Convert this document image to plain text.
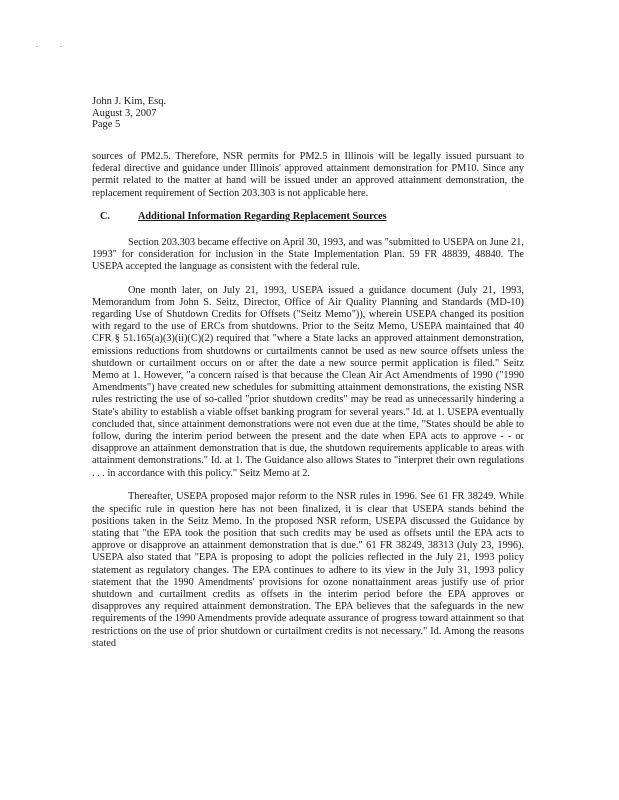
. .
John J. Kim, Esq.
August 3, 2007
Page 5

sources of PM2.5. Therefore, NSR permits for PM2.5 in Illinois will be legally issued pursuant to federal directive and guidance under Illinois' approved attainment demonstration for PM10. Since any permit related to the matter at hand will be issued under an approved attainment demonstration, the replacement requirement of Section 203.303 is not applicable here.

C.	Additional Information Regarding Replacement Sources

Section 203.303 became effective on April 30, 1993, and was "submitted to USEPA on June 21, 1993" for consideration for inclusion in the State Implementation Plan. 59 FR 48839, 48840. The USEPA accepted the language as consistent with the federal rule.

One month later, on July 21, 1993, USEPA issued a guidance document (July 21, 1993, Memorandum from John S. Seitz, Director, Office of Air Quality Planning and Standards (MD-10) regarding Use of Shutdown Credits for Offsets ("Seitz Memo")), wherein USEPA changed its position with regard to the use of ERCs from shutdowns. Prior to the Seitz Memo, USEPA maintained that 40 CFR § 51.165(a)(3)(ii)(C)(2) required that "where a State lacks an approved attainment demonstration, emissions reductions from shutdowns or curtailments cannot be used as new source offsets unless the shutdown or curtailment occurs on or after the date a new source permit application is filed." Seitz Memo at 1. However, "a concern raised is that because the Clean Air Act Amendments of 1990 ("1990 Amendments") have created new schedules for submitting attainment demonstrations, the existing NSR rules restricting the use of so-called "prior shutdown credits" may be read as unnecessarily hindering a State's ability to establish a viable offset banking program for several years." Id. at 1. USEPA eventually concluded that, since attainment demonstrations were not even due at the time, "States should be able to follow, during the interim period between the present and the date when EPA acts to approve - - or disapprove an attainment demonstration that is due, the shutdown requirements applicable to areas with attainment demonstrations." Id. at 1. The Guidance also allows States to "interpret their own regulations . . . in accordance with this policy." Seitz Memo at 2.

Thereafter, USEPA proposed major reform to the NSR rules in 1996. See 61 FR 38249. While the specific rule in question here has not been finalized, it is clear that USEPA stands behind the positions taken in the Seitz Memo. In the proposed NSR reform, USEPA discussed the Guidance by stating that "the EPA took the position that such credits may be used as offsets until the EPA acts to approve or disapprove an attainment demonstration that is due." 61 FR 38249, 38313 (July 23, 1996). USEPA also stated that "EPA is proposing to adopt the policies reflected in the July 21, 1993 policy statement as regulatory changes. The EPA continues to adhere to its view in the July 31, 1993 policy statement that the 1990 Amendments' provisions for ozone nonattainment areas justify use of prior shutdown and curtailment credits as offsets in the interim period before the EPA approves or disapproves any required attainment demonstration. The EPA believes that the safeguards in the new requirements of the 1990 Amendments provide adequate assurance of progress toward attainment so that restrictions on the use of prior shutdown or curtailment credits is not necessary." Id. Among the reasons stated
